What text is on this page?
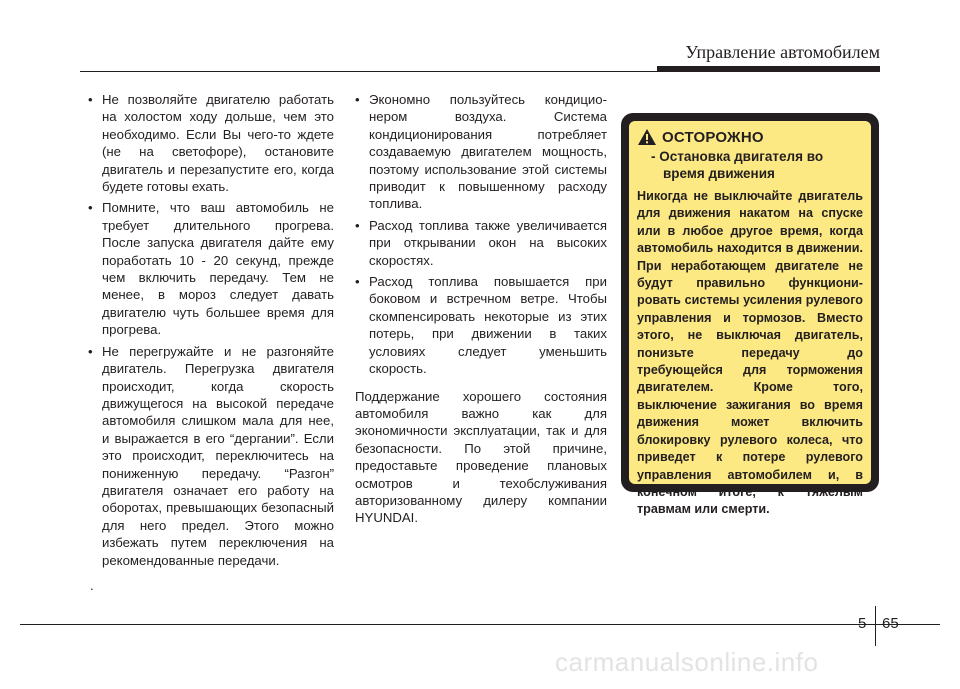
Управление автомобилем
• Не позволяйте двигателю работать на холостом ходу дольше, чем это необходимо. Если Вы чего-то ждете (не на светофоре), остановите двигатель и перезапустите его, когда будете готовы ехать.
• Помните, что ваш автомобиль не требует длительного прогрева. После запуска двигателя дайте ему поработать 10 - 20 секунд, прежде чем включить передачу. Тем не менее, в мороз следует давать двигателю чуть большее время для прогрева.
• Не перегружайте и не разгоняйте двигатель. Перегрузка двигателя происходит, когда скорость движущегося на высокой передаче автомобиля слишком мала для нее, и выражается в его “дергании”. Если это происходит, переключитесь на пониженную передачу. “Разгон” двигателя означает его работу на оборотах, превышающих безопасный для него предел. Этого можно избежать путем переключения на рекомендованные передачи.
.
• Экономно пользуйтесь кондицио- нером воздуха. Система кондиционирования потребляет создаваемую двигателем мощность, поэтому использование этой системы приводит к повышенному расходу топлива.
• Расход топлива также увеличивается при открывании окон на высоких скоростях.
• Расход топлива повышается при боковом и встречном ветре. Чтобы скомпенсировать некоторые из этих потерь, при движении в таких условиях следует уменьшить скорость.
Поддержание хорошего состояния автомобиля важно как для экономичности эксплуатации, так и для безопасности. По этой причине, предоставьте проведение плановых осмотров и техобслуживания авторизованному дилеру компании HYUNDAI.
ОСТОРОЖНО
- Остановка двигателя во время движения
Никогда не выключайте двигатель для движения накатом на спуске или в любое другое время, когда автомобиль находится в движении. При неработающем двигателе не будут правильно функциони- ровать системы усиления рулевого управления и тормозов. Вместо этого, не выключая двигатель, понизьте передачу до требующейся для торможения двигателем. Кроме того, выключение зажигания во время движения может включить блокировку рулевого колеса, что приведет к потере рулевого управления автомобилем и, в конечном итоге, к тяжелым травмам или смерти.
5 65
carmanualsonline.info
